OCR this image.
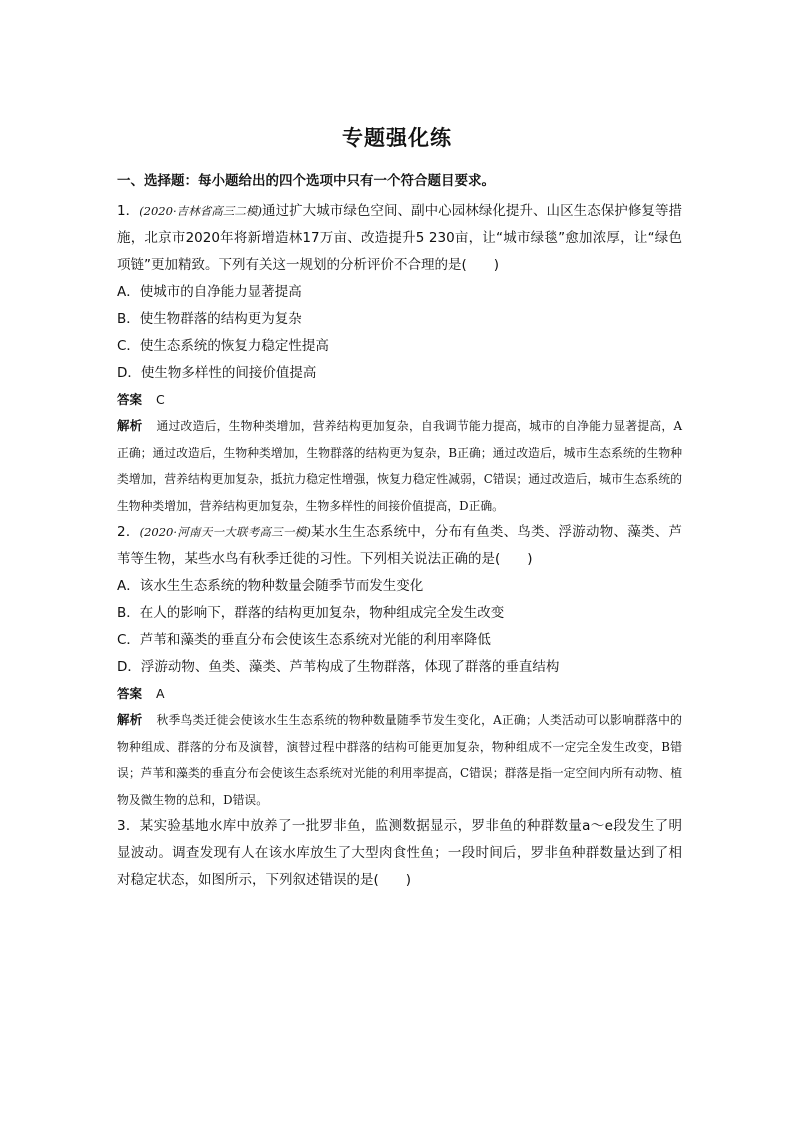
专题强化练
一、选择题：每小题给出的四个选项中只有一个符合题目要求。
1．(2020·吉林省高三二模)通过扩大城市绿色空间、副中心园林绿化提升、山区生态保护修复等措施，北京市2020年将新增造林17万亩、改造提升5 230亩，让“城市绿毯”愈加浓厚，让“绿色项链”更加精致。下列有关这一规划的分析评价不合理的是(　　)
A．使城市的自净能力显著提高
B．使生物群落的结构更为复杂
C．使生态系统的恢复力稳定性提高
D．使生物多样性的间接价值提高
答案 C
解析 通过改造后，生物种类增加，营养结构更加复杂，自我调节能力提高，城市的自净能力显著提高，A正确；通过改造后，生物种类增加，生物群落的结构更为复杂，B正确；通过改造后，城市生态系统的生物种类增加，营养结构更加复杂，抵抗力稳定性增强，恢复力稳定性减弱，C错误；通过改造后，城市生态系统的生物种类增加，营养结构更加复杂，生物多样性的间接价值提高，D正确。
2．(2020·河南天一大联考高三一模)某水生生态系统中，分布有鱼类、鸟类、浮游动物、藻类、芦苇等生物，某些水鸟有秋季迁徙的习性。下列相关说法正确的是(　　)
A．该水生生态系统的物种数量会随季节而发生变化
B．在人的影响下，群落的结构更加复杂，物种组成完全发生改变
C．芦苇和藻类的垂直分布会使该生态系统对光能的利用率降低
D．浮游动物、鱼类、藻类、芦苇构成了生物群落，体现了群落的垂直结构
答案 A
解析 秋季鸟类迁徙会使该水生生态系统的物种数量随季节发生变化，A正确；人类活动可以影响群落中的物种组成、群落的分布及演替，演替过程中群落的结构可能更加复杂，物种组成不一定完全发生改变，B错误；芦苇和藻类的垂直分布会使该生态系统对光能的利用率提高，C错误；群落是指一定空间内所有动物、植物及微生物的总和，D错误。
3．某实验基地水库中放养了一批罗非鱼，监测数据显示，罗非鱼的种群数量a～e段发生了明显波动。调查发现有人在该水库放生了大型肉食性鱼；一段时间后，罗非鱼种群数量达到了相对稳定状态，如图所示，下列叙述错误的是(　　)
